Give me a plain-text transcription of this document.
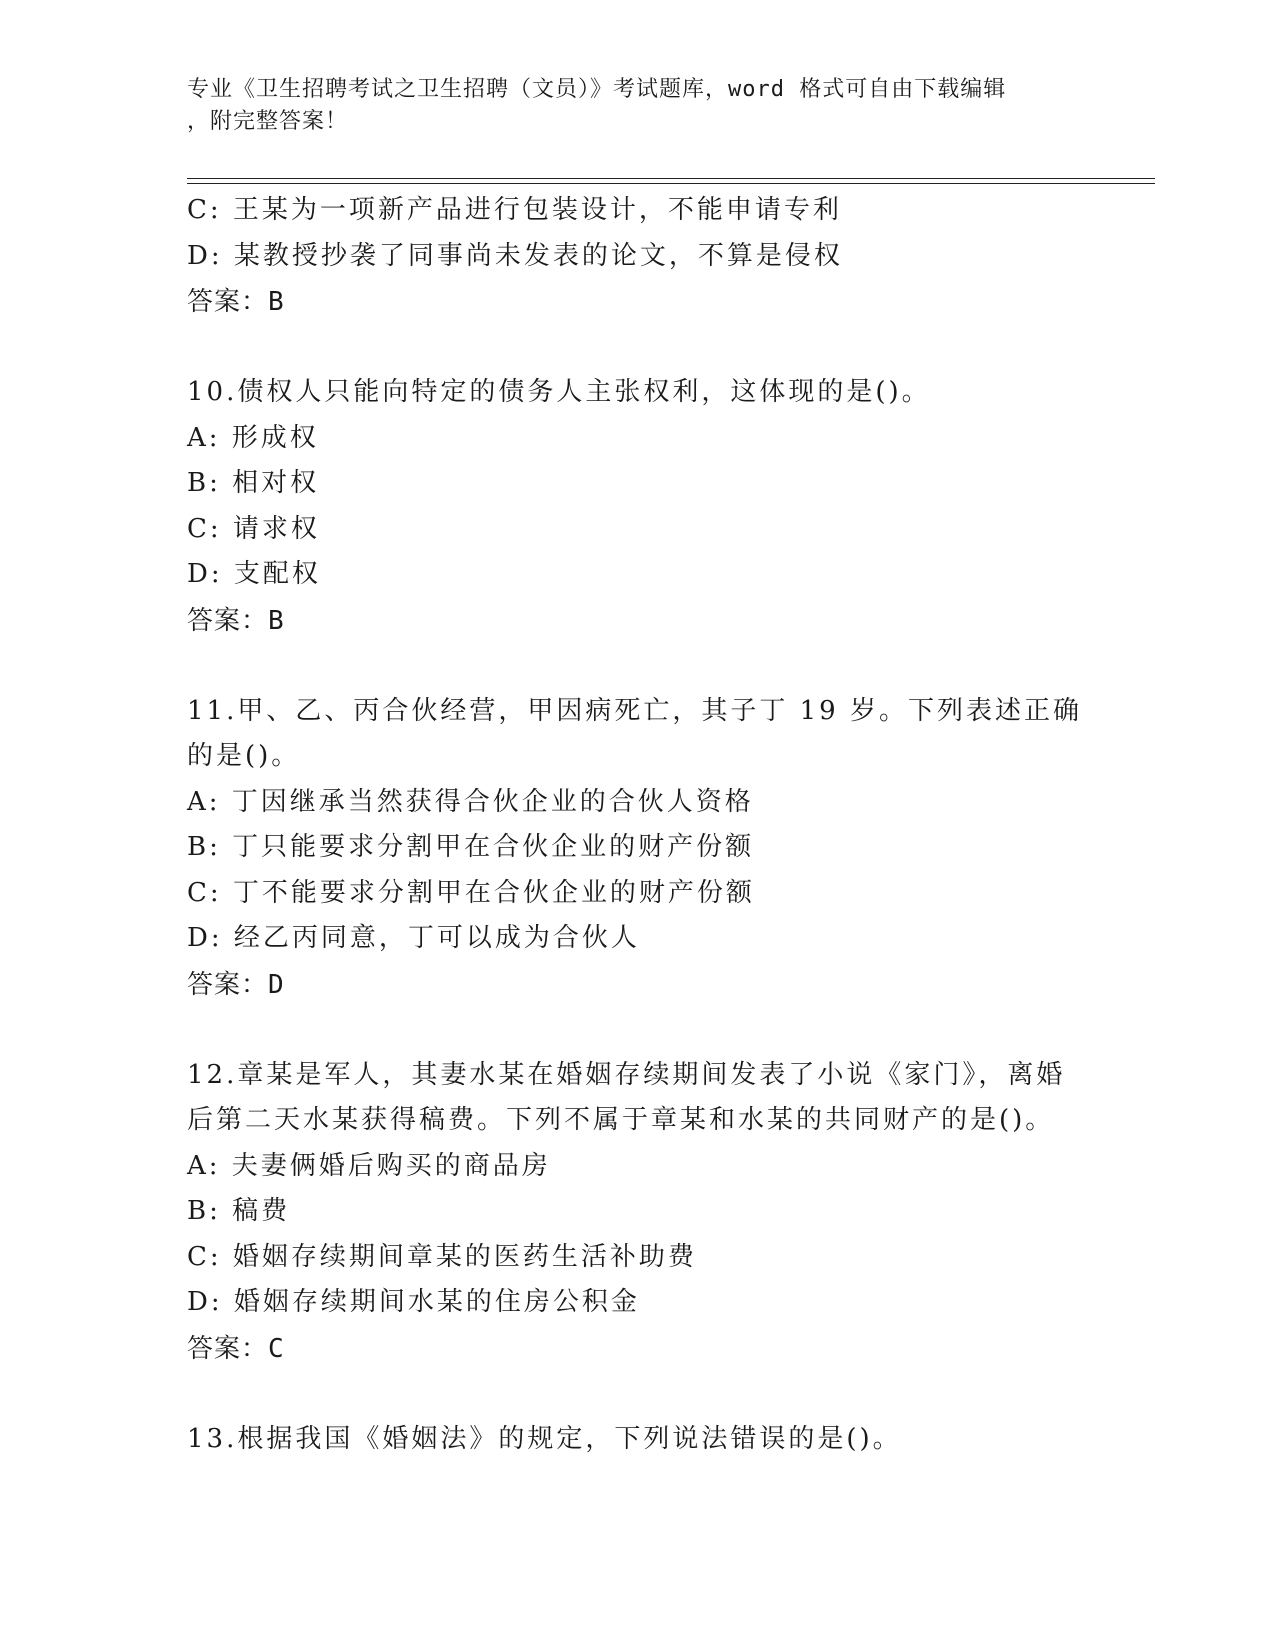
专业《卫生招聘考试之卫生招聘（文员）》考试题库，word 格式可自由下载编辑
，附完整答案！
C: 王某为一项新产品进行包装设计，不能申请专利
D: 某教授抄袭了同事尚未发表的论文，不算是侵权
答案：B
10.债权人只能向特定的债务人主张权利，这体现的是()。
A: 形成权
B: 相对权
C: 请求权
D: 支配权
答案：B
11.甲、乙、丙合伙经营，甲因病死亡，其子丁 19 岁。下列表述正确
的是()。
A: 丁因继承当然获得合伙企业的合伙人资格
B: 丁只能要求分割甲在合伙企业的财产份额
C: 丁不能要求分割甲在合伙企业的财产份额
D: 经乙丙同意，丁可以成为合伙人
答案：D
12.章某是军人，其妻水某在婚姻存续期间发表了小说《家门》，离婚
后第二天水某获得稿费。下列不属于章某和水某的共同财产的是()。
A: 夫妻俩婚后购买的商品房
B: 稿费
C: 婚姻存续期间章某的医药生活补助费
D: 婚姻存续期间水某的住房公积金
答案：C
13.根据我国《婚姻法》的规定，下列说法错误的是()。
